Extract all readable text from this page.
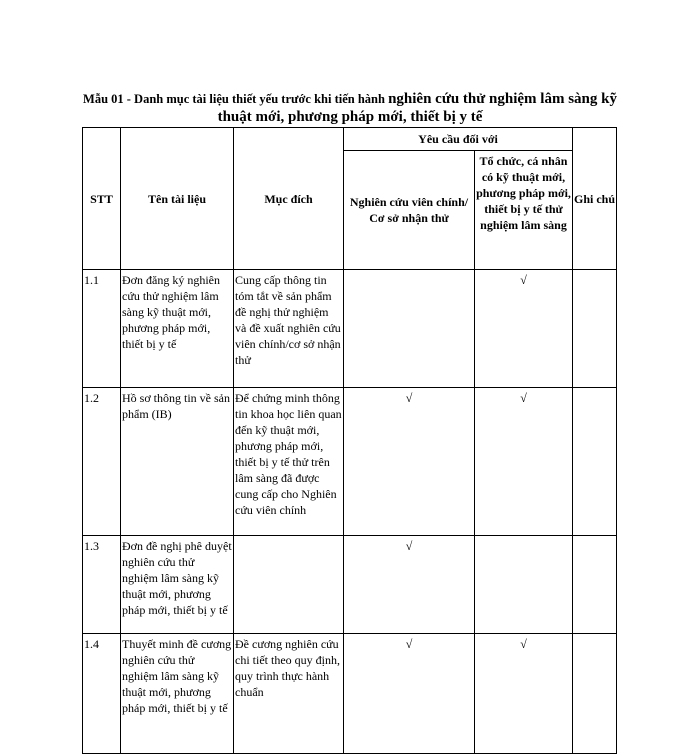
Mẫu 01 - Danh mục tài liệu thiết yếu trước khi tiến hành nghiên cứu thử nghiệm lâm sàng kỹ thuật mới, phương pháp mới, thiết bị y tế
STT	Tên tài liệu	Mục đích	Yêu cầu đối với		Ghi chú
			Nghiên cứu viên chính/ Cơ sở nhận thử	Tổ chức, cá nhân có kỹ thuật mới, phương pháp mới, thiết bị y tế thử nghiệm lâm sàng	
1.1	Đơn đăng ký nghiên cứu thử nghiệm lâm sàng kỹ thuật mới, phương pháp mới, thiết bị y tế	Cung cấp thông tin tóm tắt về sản phẩm đề nghị thử nghiệm và đề xuất nghiên cứu viên chính/cơ sở nhận thử		√	
1.2	Hồ sơ thông tin về sản phẩm (IB)	Để chứng minh thông tin khoa học liên quan đến kỹ thuật mới, phương pháp mới, thiết bị y tế thử trên lâm sàng đã được cung cấp cho Nghiên cứu viên chính	√	√	
1.3	Đơn đề nghị phê duyệt nghiên cứu thử nghiệm lâm sàng kỹ thuật mới, phương pháp mới, thiết bị y tế		√		
1.4	Thuyết minh đề cương nghiên cứu thử nghiệm lâm sàng kỹ thuật mới, phương pháp mới, thiết bị y tế	Đề cương nghiên cứu chi tiết theo quy định, quy trình thực hành chuẩn	√	√	
